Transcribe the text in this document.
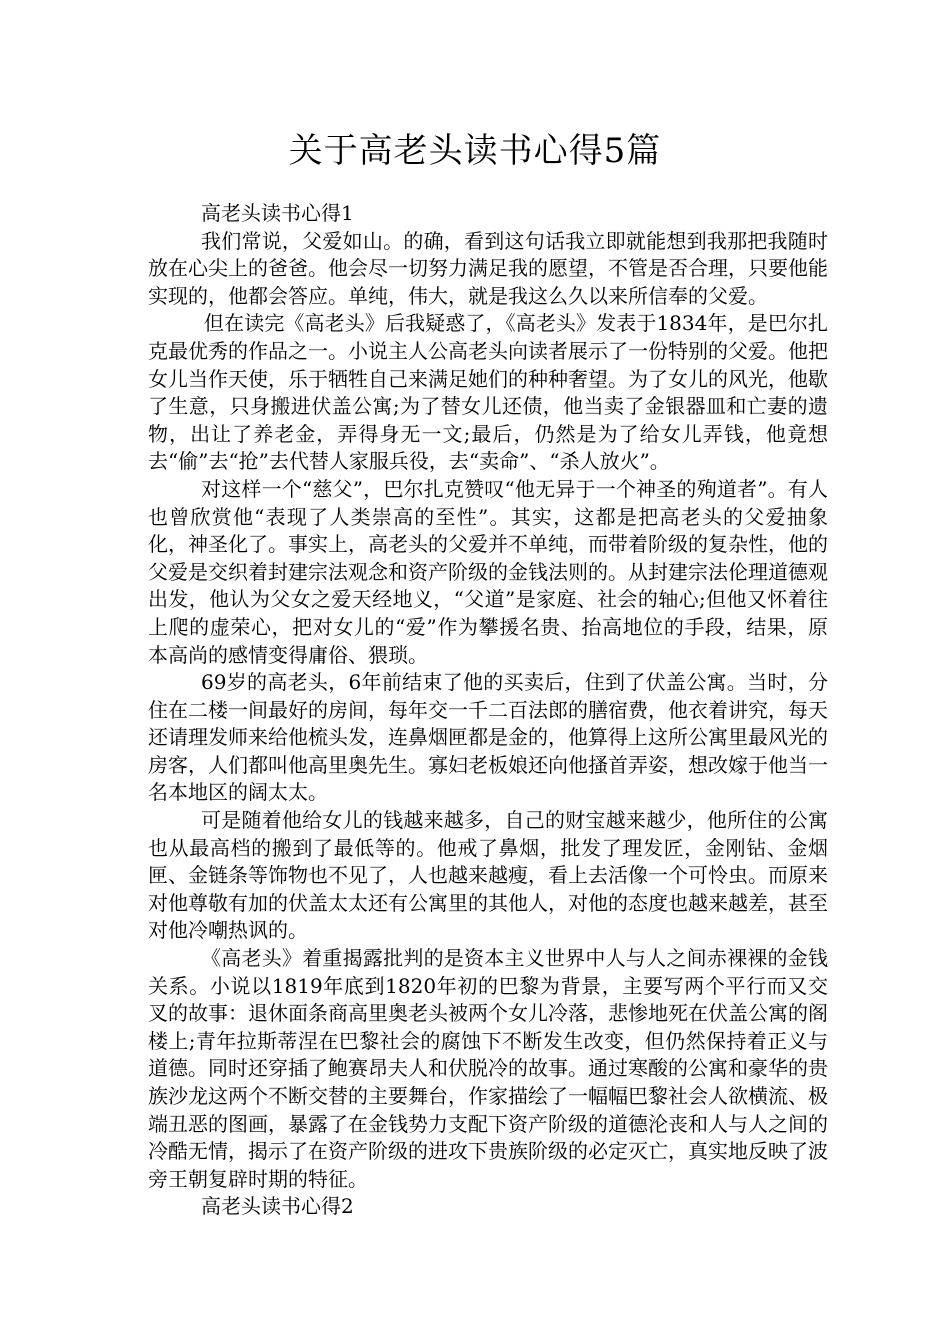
关于高老头读书心得5篇
高老头读书心得1

我们常说，父爱如山。的确，看到这句话我立即就能想到我那把我随时放在心尖上的爸爸。他会尽一切努力满足我的愿望，不管是否合理，只要他能实现的，他都会答应。单纯，伟大，就是我这么久以来所信奉的父爱。

但在读完《高老头》后我疑惑了，《高老头》发表于1834年，是巴尔扎克最优秀的作品之一。小说主人公高老头向读者展示了一份特别的父爱。他把女儿当作天使，乐于牺牲自己来满足她们的种种奢望。为了女儿的风光，他歇了生意，只身搬进伏盖公寓;为了替女儿还债，他当卖了金银器皿和亡妻的遗物，出让了养老金，弄得身无一文;最后，仍然是为了给女儿弄钱，他竟想去“偷”去“抢”去代替人家服兵役，去“卖命”、“杀人放火”。

对这样一个“慈父”，巴尔扎克赞叹“他无异于一个神圣的殉道者”。有人也曾欣赏他“表现了人类崇高的至性”。其实，这都是把高老头的父爱抽象化，神圣化了。事实上，高老头的父爱并不单纯，而带着阶级的复杂性，他的父爱是交织着封建宗法观念和资产阶级的金钱法则的。从封建宗法伦理道德观出发，他认为父女之爱天经地义，“父道”是家庭、社会的轴心;但他又怀着往上爬的虚荣心，把对女儿的“爱”作为攀援名贵、抬高地位的手段，结果，原本高尚的感情变得庸俗、猥琐。

69岁的高老头，6年前结束了他的买卖后，住到了伏盖公寓。当时，分住在二楼一间最好的房间，每年交一千二百法郎的膳宿费，他衣着讲究，每天还请理发师来给他梳头发，连鼻烟匣都是金的，他算得上这所公寓里最风光的房客，人们都叫他高里奥先生。寡妇老板娘还向他搔首弄姿，想改嫁于他当一名本地区的阔太太。

可是随着他给女儿的钱越来越多，自己的财宝越来越少，他所住的公寓也从最高档的搬到了最低等的。他戒了鼻烟，批发了理发匠，金刚钻、金烟匣、金链条等饰物也不见了，人也越来越瘦，看上去活像一个可怜虫。而原来对他尊敬有加的伏盖太太还有公寓里的其他人，对他的态度也越来越差，甚至对他冷嘲热讽的。

《高老头》着重揭露批判的是资本主义世界中人与人之间赤裸裸的金钱关系。小说以1819年底到1820年初的巴黎为背景，主要写两个平行而又交叉的故事：退休面条商高里奥老头被两个女儿冷落，悲惨地死在伏盖公寓的阁楼上;青年拉斯蒂涅在巴黎社会的腐蚀下不断发生改变，但仍然保持着正义与道德。同时还穿插了鲍赛昂夫人和伏脱冷的故事。通过寒酸的公寓和豪华的贵族沙龙这两个不断交替的主要舞台，作家描绘了一幅幅巴黎社会人欲横流、极端丑恶的图画，暴露了在金钱势力支配下资产阶级的道德沦丧和人与人之间的冷酷无情，揭示了在资产阶级的进攻下贵族阶级的必定灭亡，真实地反映了波旁王朝复辟时期的特征。

高老头读书心得2
